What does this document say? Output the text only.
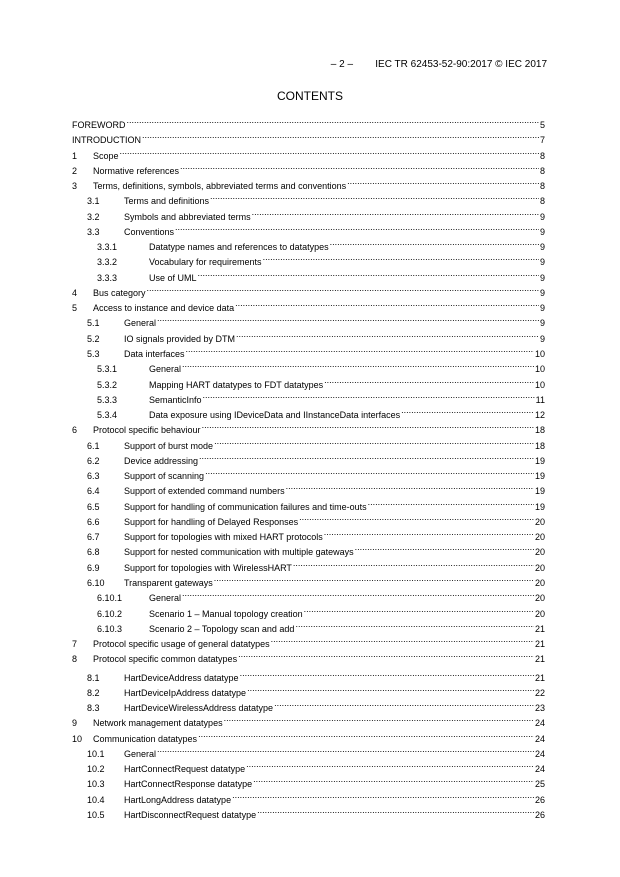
– 2 – IEC TR 62453-52-90:2017 © IEC 2017
CONTENTS
FOREWORD .....	5
INTRODUCTION .....	7
1	Scope .....	8
2	Normative references .....	8
3	Terms, definitions, symbols, abbreviated terms and conventions .....	8
3.1	Terms and definitions .....	8
3.2	Symbols and abbreviated terms .....	9
3.3	Conventions .....	9
3.3.1	Datatype names and references to datatypes .....	9
3.3.2	Vocabulary for requirements .....	9
3.3.3	Use of UML .....	9
4	Bus category .....	9
5	Access to instance and device data .....	9
5.1	General .....	9
5.2	IO signals provided by DTM .....	9
5.3	Data interfaces .....	10
5.3.1	General .....	10
5.3.2	Mapping HART datatypes to FDT datatypes .....	10
5.3.3	SemanticInfo .....	11
5.3.4	Data exposure using IDeviceData and IInstanceData interfaces .....	12
6	Protocol specific behaviour .....	18
6.1	Support of burst mode .....	18
6.2	Device addressing .....	19
6.3	Support of scanning .....	19
6.4	Support of extended command numbers .....	19
6.5	Support for handling of communication failures and time-outs .....	19
6.6	Support for handling of Delayed Responses .....	20
6.7	Support for topologies with mixed HART protocols .....	20
6.8	Support for nested communication with multiple gateways .....	20
6.9	Support for topologies with WirelessHART .....	20
6.10	Transparent gateways .....	20
6.10.1	General .....	20
6.10.2	Scenario 1 – Manual topology creation .....	20
6.10.3	Scenario 2 – Topology scan and add .....	21
7	Protocol specific usage of general datatypes .....	21
8	Protocol specific common datatypes .....	21
8.1	HartDeviceAddress datatype .....	21
8.2	HartDeviceIpAddress datatype .....	22
8.3	HartDeviceWirelessAddress datatype .....	23
9	Network management datatypes .....	24
10	Communication datatypes .....	24
10.1	General .....	24
10.2	HartConnectRequest datatype .....	24
10.3	HartConnectResponse datatype .....	25
10.4	HartLongAddress datatype .....	26
10.5	HartDisconnectRequest datatype .....	26
